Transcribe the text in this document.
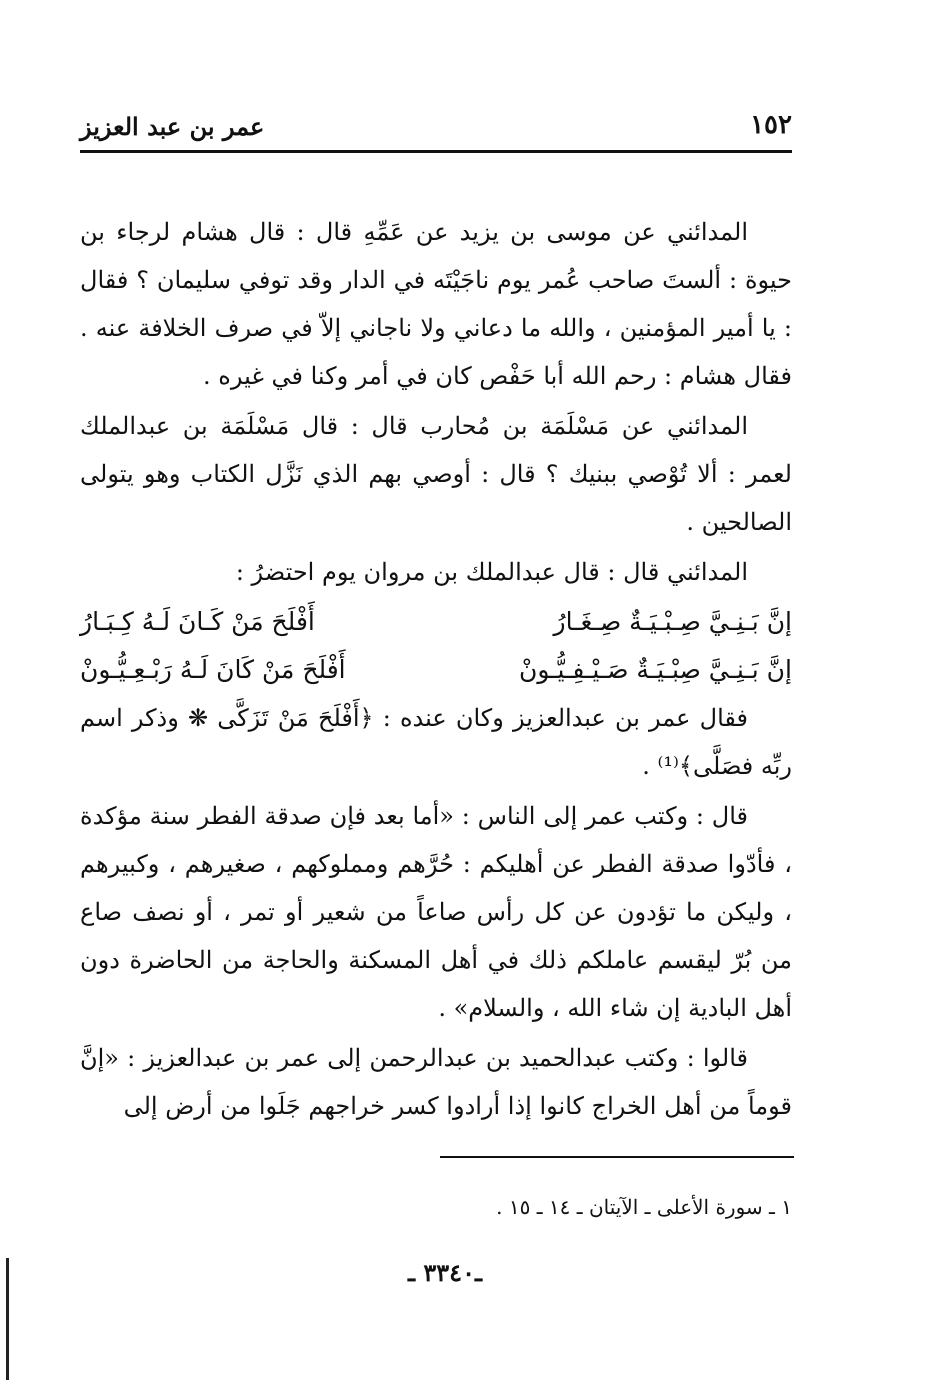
١٥٢
عمر بن عبد العزيز

المدائني عن موسى بن يزيد عن عَمِّهِ قال : قال هشام لرجاء بن حيوة : ألستَ صاحب عُمر يوم ناجَيْتَه في الدار وقد توفي سليمان ؟ فقال : يا أمير المؤمنين ، والله ما دعاني ولا ناجاني إلاّ في صرف الخلافة عنه . فقال هشام : رحم الله أبا حَفْص كان في أمر وكنا في غيره .

المدائني عن مَسْلَمَة بن مُحارب قال : قال مَسْلَمَة بن عبدالملك لعمر : ألا تُوْصي ببنيك ؟ قال : أوصي بهم الذي نَزَّل الكتاب وهو يتولى الصالحين .

المدائني قال : قال عبدالملك بن مروان يوم احتضرُ :

إنَّ بَـنِـيَّ صِـبْـيَـةٌ صِـغَـارُ
أَفْلَحَ مَنْ كَـانَ لَـهُ كِـبَـارُ
إنَّ بَـنِـيَّ صِبْـيَـةٌ صَـيْـفِـيُّـونْ
أَفْلَحَ مَنْ كَانَ لَـهُ رَبْـعِـيُّـونْ

فقال عمر بن عبدالعزيز وكان عنده : ﴿أَفْلَحَ مَنْ تَزَكَّى ❋ وذكر اسم ربِّه فصَلَّى﴾⁽¹⁾ .

قال : وكتب عمر إلى الناس : «أما بعد فإن صدقة الفطر سنة مؤكدة ، فأدّوا صدقة الفطر عن أهليكم : حُرَّهم ومملوكهم ، صغيرهم ، وكبيرهم ، وليكن ما تؤدون عن كل رأس صاعاً من شعير أو تمر ، أو نصف صاع من بُرّ ليقسم عاملكم ذلك في أهل المسكنة والحاجة من الحاضرة دون أهل البادية إن شاء الله ، والسلام» .

قالوا : وكتب عبدالحميد بن عبدالرحمن إلى عمر بن عبدالعزيز : «إنَّ قوماً من أهل الخراج كانوا إذا أرادوا كسر خراجهم جَلَوا من أرض إلى

١ ـ سورة الأعلى ـ الآيتان ـ ١٤ ـ ١٥ .
ـ٣٣٤٠ ـ
